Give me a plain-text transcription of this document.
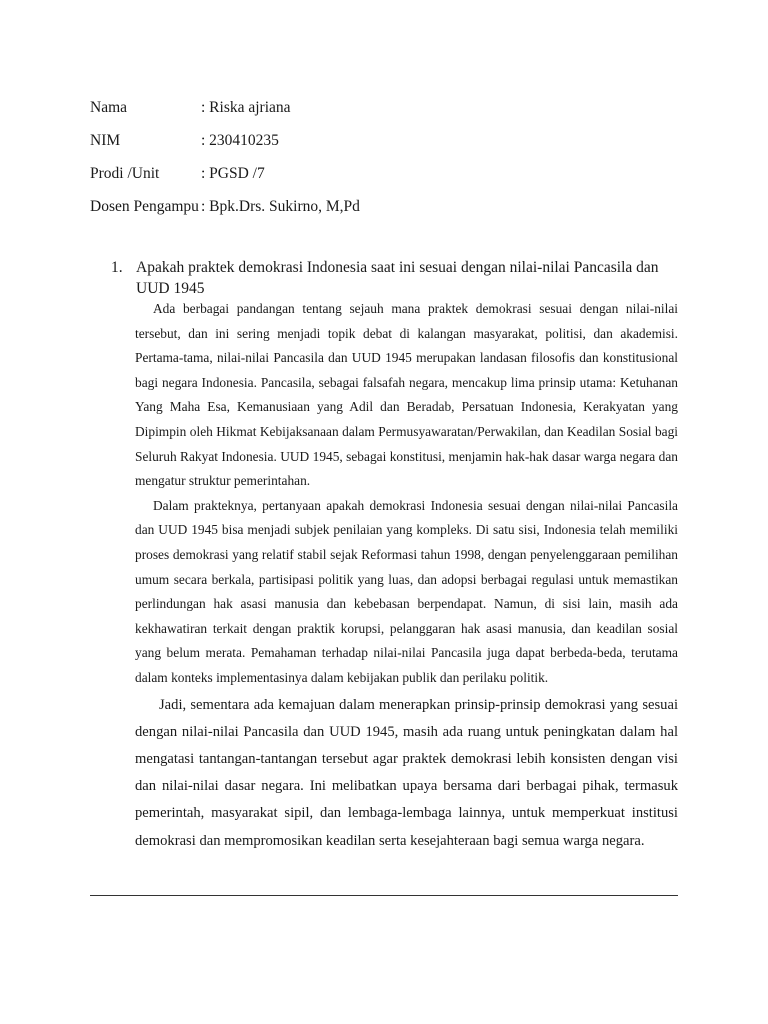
Nama	: Riska ajriana
NIM	: 230410235
Prodi /Unit	: PGSD /7
Dosen Pengampu : Bpk.Drs. Sukirno, M,Pd
1. Apakah praktek demokrasi Indonesia saat ini sesuai dengan nilai-nilai Pancasila dan UUD 1945

Ada berbagai pandangan tentang sejauh mana praktek demokrasi sesuai dengan nilai-nilai tersebut, dan ini sering menjadi topik debat di kalangan masyarakat, politisi, dan akademisi. Pertama-tama, nilai-nilai Pancasila dan UUD 1945 merupakan landasan filosofis dan konstitusional bagi negara Indonesia. Pancasila, sebagai falsafah negara, mencakup lima prinsip utama: Ketuhanan Yang Maha Esa, Kemanusiaan yang Adil dan Beradab, Persatuan Indonesia, Kerakyatan yang Dipimpin oleh Hikmat Kebijaksanaan dalam Permusyawaratan/Perwakilan, dan Keadilan Sosial bagi Seluruh Rakyat Indonesia. UUD 1945, sebagai konstitusi, menjamin hak-hak dasar warga negara dan mengatur struktur pemerintahan.

Dalam prakteknya, pertanyaan apakah demokrasi Indonesia sesuai dengan nilai-nilai Pancasila dan UUD 1945 bisa menjadi subjek penilaian yang kompleks. Di satu sisi, Indonesia telah memiliki proses demokrasi yang relatif stabil sejak Reformasi tahun 1998, dengan penyelenggaraan pemilihan umum secara berkala, partisipasi politik yang luas, dan adopsi berbagai regulasi untuk memastikan perlindungan hak asasi manusia dan kebebasan berpendapat. Namun, di sisi lain, masih ada kekhawatiran terkait dengan praktik korupsi, pelanggaran hak asasi manusia, dan keadilan sosial yang belum merata. Pemahaman terhadap nilai-nilai Pancasila juga dapat berbeda-beda, terutama dalam konteks implementasinya dalam kebijakan publik dan perilaku politik.

Jadi, sementara ada kemajuan dalam menerapkan prinsip-prinsip demokrasi yang sesuai dengan nilai-nilai Pancasila dan UUD 1945, masih ada ruang untuk peningkatan dalam hal mengatasi tantangan-tantangan tersebut agar praktek demokrasi lebih konsisten dengan visi dan nilai-nilai dasar negara. Ini melibatkan upaya bersama dari berbagai pihak, termasuk pemerintah, masyarakat sipil, dan lembaga-lembaga lainnya, untuk memperkuat institusi demokrasi dan mempromosikan keadilan serta kesejahteraan bagi semua warga negara.
